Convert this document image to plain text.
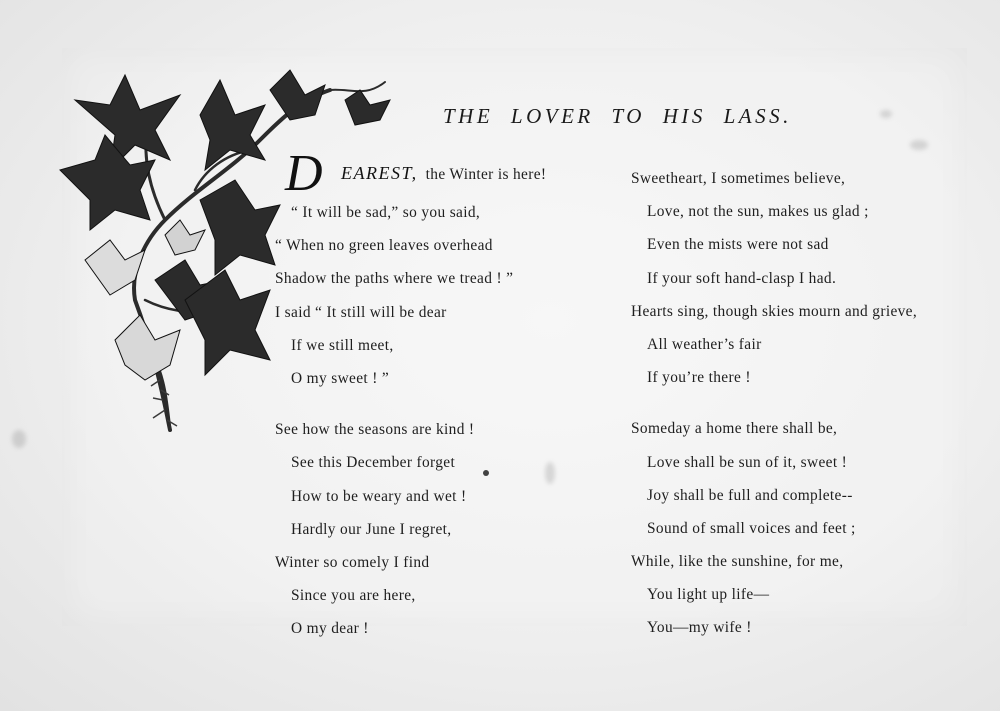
THE LOVER TO HIS LASS.
D EAREST, the Winter is here!
“ It will be sad,” so you said,
“ When no green leaves overhead
Shadow the paths where we tread ! ”
I said “ It still will be dear
If we still meet,
O my sweet ! ”
See how the seasons are kind !
See this December forget
How to be weary and wet !
Hardly our June I regret,
Winter so comely I find
Since you are here,
O my dear !
Sweetheart, I sometimes believe,
Love, not the sun, makes us glad ;
Even the mists were not sad
If your soft hand-clasp I had.
Hearts sing, though skies mourn and grieve,
All weather’s fair
If you’re there !
Someday a home there shall be,
Love shall be sun of it, sweet !
Joy shall be full and complete--
Sound of small voices and feet ;
While, like the sunshine, for me,
You light up life—
You—my wife !
